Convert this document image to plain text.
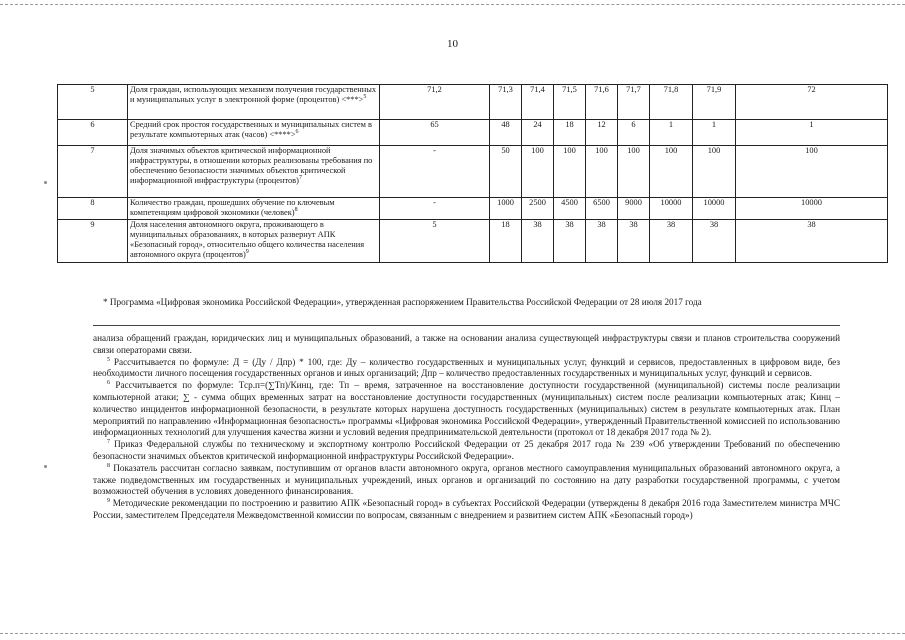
10
5	Доля граждан, использующих механизм получения государственных и муниципальных услуг в электронной форме (процентов) <***>$^5$	71,2	71,3	71,4	71,5	71,6	71,7	71,8	71,9	72
6	Средний срок простоя государственных и муниципальных систем в результате компьютерных атак (часов) <****>$^6$	65	48	24	18	12	6	1	1	1
7	Доля значимых объектов критической информационной инфраструктуры, в отношении которых реализованы требования по обеспечению безопасности значимых объектов критической информационной инфраструктуры (процентов)$^7$	-	50	100	100	100	100	100	100	100
8	Количество граждан, прошедших обучение по ключевым компетенциям цифровой экономики (человек)$^8$	-	1000	2500	4500	6500	9000	10000	10000	10000
9	Доля населения автономного округа, проживающего в муниципальных образованиях, в которых развернут АПК «Безопасный город», относительно общего количества населения автономного округа (процентов)$^9$	5	18	38	38	38	38	38	38	38
* Программа «Цифровая экономика Российской Федерации», утвержденная распоряжением Правительства Российской Федерации от 28 июля 2017 года

анализа обращений граждан, юридических лиц и муниципальных образований, а также на основании анализа существующей инфраструктуры связи и планов строительства сооружений связи операторами связи.

$^5$ Рассчитывается по формуле: Д = (Ду / Дпр) * 100, где: Ду – количество государственных и муниципальных услуг, функций и сервисов, предоставленных в цифровом виде, без необходимости личного посещения государственных органов и иных организаций; Дпр – количество предоставленных государственных и муниципальных услуг, функций и сервисов.

$^6$ Рассчитывается по формуле: Тср.п=(∑Тп)/Кинц, где: Тп – время, затраченное на восстановление доступности государственной (муниципальной) системы после реализации компьютерной атаки; ∑ - сумма общих временных затрат на восстановление доступности государственных (муниципальных) систем после реализации компьютерных атак; Кинц – количество инцидентов информационной безопасности, в результате которых нарушена доступность государственных (муниципальных) систем в результате компьютерных атак. План мероприятий по направлению «Информационная безопасность» программы «Цифровая экономика Российской Федерации», утвержденный Правительственной комиссией по использованию информационных технологий для улучшения качества жизни и условий ведения предпринимательской деятельности (протокол от 18 декабря 2017 года № 2).

$^7$ Приказ Федеральной службы по техническому и экспортному контролю Российской Федерации от 25 декабря 2017 года № 239 «Об утверждении Требований по обеспечению безопасности значимых объектов критической информационной инфраструктуры Российской Федерации».

$^8$ Показатель рассчитан согласно заявкам, поступившим от органов власти автономного округа, органов местного самоуправления муниципальных образований автономного округа, а также подведомственных им государственных и муниципальных учреждений, иных органов и организаций по состоянию на дату разработки государственной программы, с учетом возможностей обучения в условиях доведенного финансирования.

$^9$ Методические рекомендации по построению и развитию АПК «Безопасный город» в субъектах Российской Федерации (утверждены 8 декабря 2016 года Заместителем министра МЧС России, заместителем Председателя Межведомственной комиссии по вопросам, связанным с внедрением и развитием систем АПК «Безопасный город»)
